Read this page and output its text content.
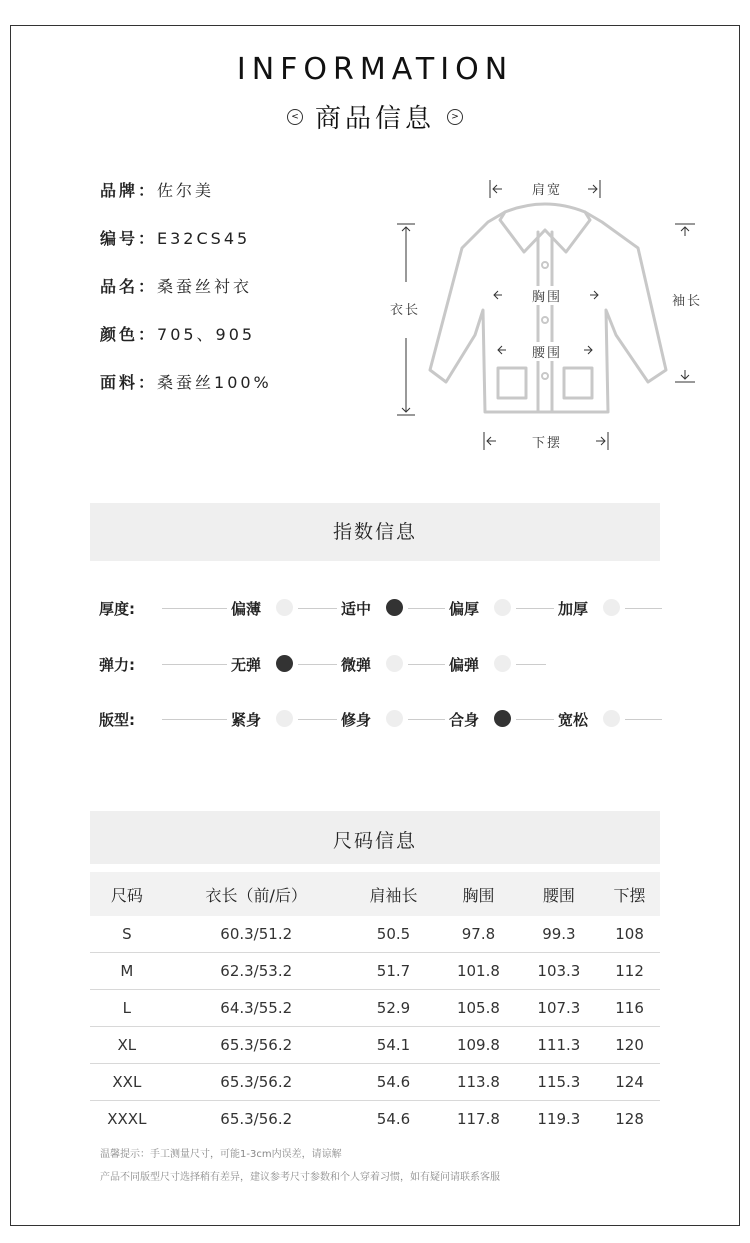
INFORMATION
< 商品信息 >
品牌：佐尔美
编号：E32CS45
品名：桑蚕丝衬衣
颜色：705、905
面料：桑蚕丝100%
肩宽
衣长
袖长
胸围
腰围
下摆
指数信息
厚度:	偏薄	适中	偏厚	加厚
弹力:	无弹	微弹	偏弹
版型:	紧身	修身	合身	宽松
尺码信息
尺码	衣长（前/后）	肩袖长	胸围	腰围	下摆
S	60.3/51.2	50.5	97.8	99.3	108
M	62.3/53.2	51.7	101.8	103.3	112
L	64.3/55.2	52.9	105.8	107.3	116
XL	65.3/56.2	54.1	109.8	111.3	120
XXL	65.3/56.2	54.6	113.8	115.3	124
XXXL	65.3/56.2	54.6	117.8	119.3	128
温馨提示：手工测量尺寸，可能1-3cm内误差，请谅解
产品不同版型尺寸选择稍有差异，建议参考尺寸参数和个人穿着习惯，如有疑问请联系客服
